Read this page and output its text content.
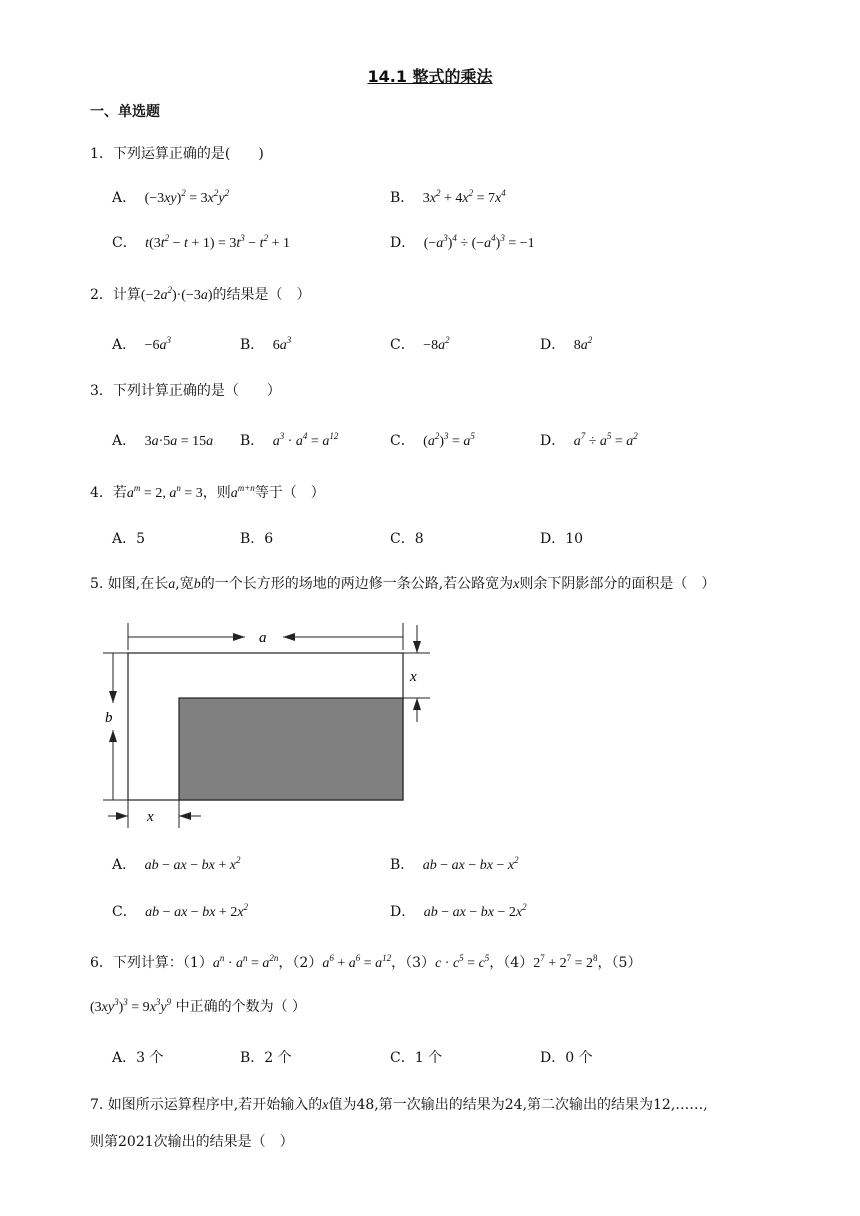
14.1 整式的乘法
一、单选题
1．下列运算正确的是(　　)
A． $(-3xy)^2 = 3x^2y^2$	B． $3x^2 + 4x^2 = 7x^4$
C． $t(3t^2 - t + 1) = 3t^3 - t^2 + 1$	D． $(-a^3)^4 \div (-a^4)^3 = -1$
2．计算$(-2a^2)\cdot(-3a)$的结果是（　）
A． $-6a^3$	B． $6a^3$	C． $-8a^2$	D． $8a^2$
3．下列计算正确的是（　　）
A． 3a·5a = 15a B． $a^3 \cdot a^4 = a^{12}$	C． $(a^2)^3 = a^5$	D． $a^7 \div a^5 = a^2$
4．若$a^m = 2$, $a^n = 3$，则$a^{m+n}$等于（　）
A．5	B．6	C．8	D．10
5. 如图,在长a,宽b的一个长方形的场地的两边修一条公路,若公路宽为x则余下阴影部分的面积是（　）
a
b
x
x
A． ab − ax − bx + $x^2$	B． ab − ax − bx − $x^2$
C． ab − ax − bx + $2x^2$	D． ab − ax − bx − $2x^2$
6．下列计算：$(1)a^n \cdot a^n = a^{2n}$，$(2)a^6 + a^6 = a^{12}$，$(3)c \cdot c^5 = c^5$，$(4)2^7 + 2^7 = 2^8$，（5）
$(3xy^3)^3 = 9x^3y^9$ 中正确的个数为（ ）
A．3 个	B．2 个	C．1 个	D．0 个
7. 如图所示运算程序中,若开始输入的x值为48,第一次输出的结果为24,第二次输出的结果为12,……,
则第2021次输出的结果是（　）
